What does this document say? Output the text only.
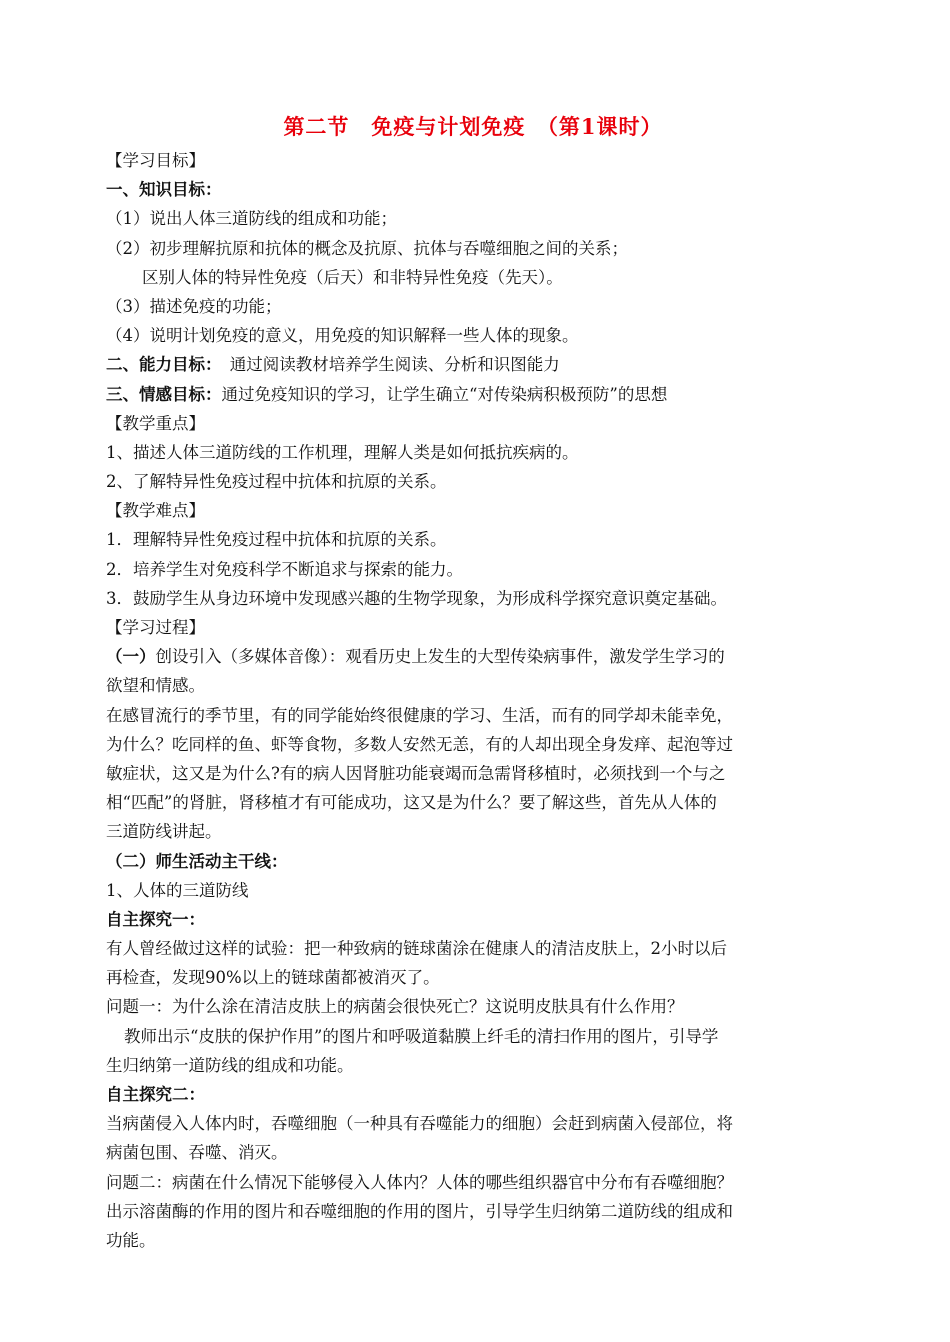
第二节　免疫与计划免疫　（第1课时）
【学习目标】
一、知识目标：
（1）说出人体三道防线的组成和功能；
（2）初步理解抗原和抗体的概念及抗原、抗体与吞噬细胞之间的关系；
区别人体的特异性免疫（后天）和非特异性免疫（先天）。
（3）描述免疫的功能；
（4）说明计划免疫的意义，用免疫的知识解释一些人体的现象。
二、能力目标：　通过阅读教材培养学生阅读、分析和识图能力
三、情感目标：通过免疫知识的学习，让学生确立“对传染病积极预防”的思想
【教学重点】
1、描述人体三道防线的工作机理，理解人类是如何抵抗疾病的。
2、了解特异性免疫过程中抗体和抗原的关系。
【教学难点】
1．理解特异性免疫过程中抗体和抗原的关系。
2．培养学生对免疫科学不断追求与探索的能力。
3．鼓励学生从身边环境中发现感兴趣的生物学现象，为形成科学探究意识奠定基础。
【学习过程】
（一）创设引入（多媒体音像）：观看历史上发生的大型传染病事件，激发学生学习的
欲望和情感。
在感冒流行的季节里，有的同学能始终很健康的学习、生活，而有的同学却未能幸免，
为什么？吃同样的鱼、虾等食物，多数人安然无恙，有的人却出现全身发痒、起泡等过
敏症状，这又是为什么?有的病人因肾脏功能衰竭而急需肾移植时，必须找到一个与之
相“匹配”的肾脏，肾移植才有可能成功，这又是为什么？要了解这些，首先从人体的
三道防线讲起。
（二）师生活动主干线：
1、人体的三道防线
自主探究一：
有人曾经做过这样的试验：把一种致病的链球菌涂在健康人的清洁皮肤上，2小时以后
再检查，发现90%以上的链球菌都被消灭了。
问题一：为什么涂在清洁皮肤上的病菌会很快死亡？这说明皮肤具有什么作用？
教师出示“皮肤的保护作用”的图片和呼吸道黏膜上纤毛的清扫作用的图片，引导学
生归纳第一道防线的组成和功能。
自主探究二：
当病菌侵入人体内时，吞噬细胞（一种具有吞噬能力的细胞）会赶到病菌入侵部位，将
病菌包围、吞噬、消灭。
问题二：病菌在什么情况下能够侵入人体内？人体的哪些组织器官中分布有吞噬细胞？
出示溶菌酶的作用的图片和吞噬细胞的作用的图片，引导学生归纳第二道防线的组成和
功能。
